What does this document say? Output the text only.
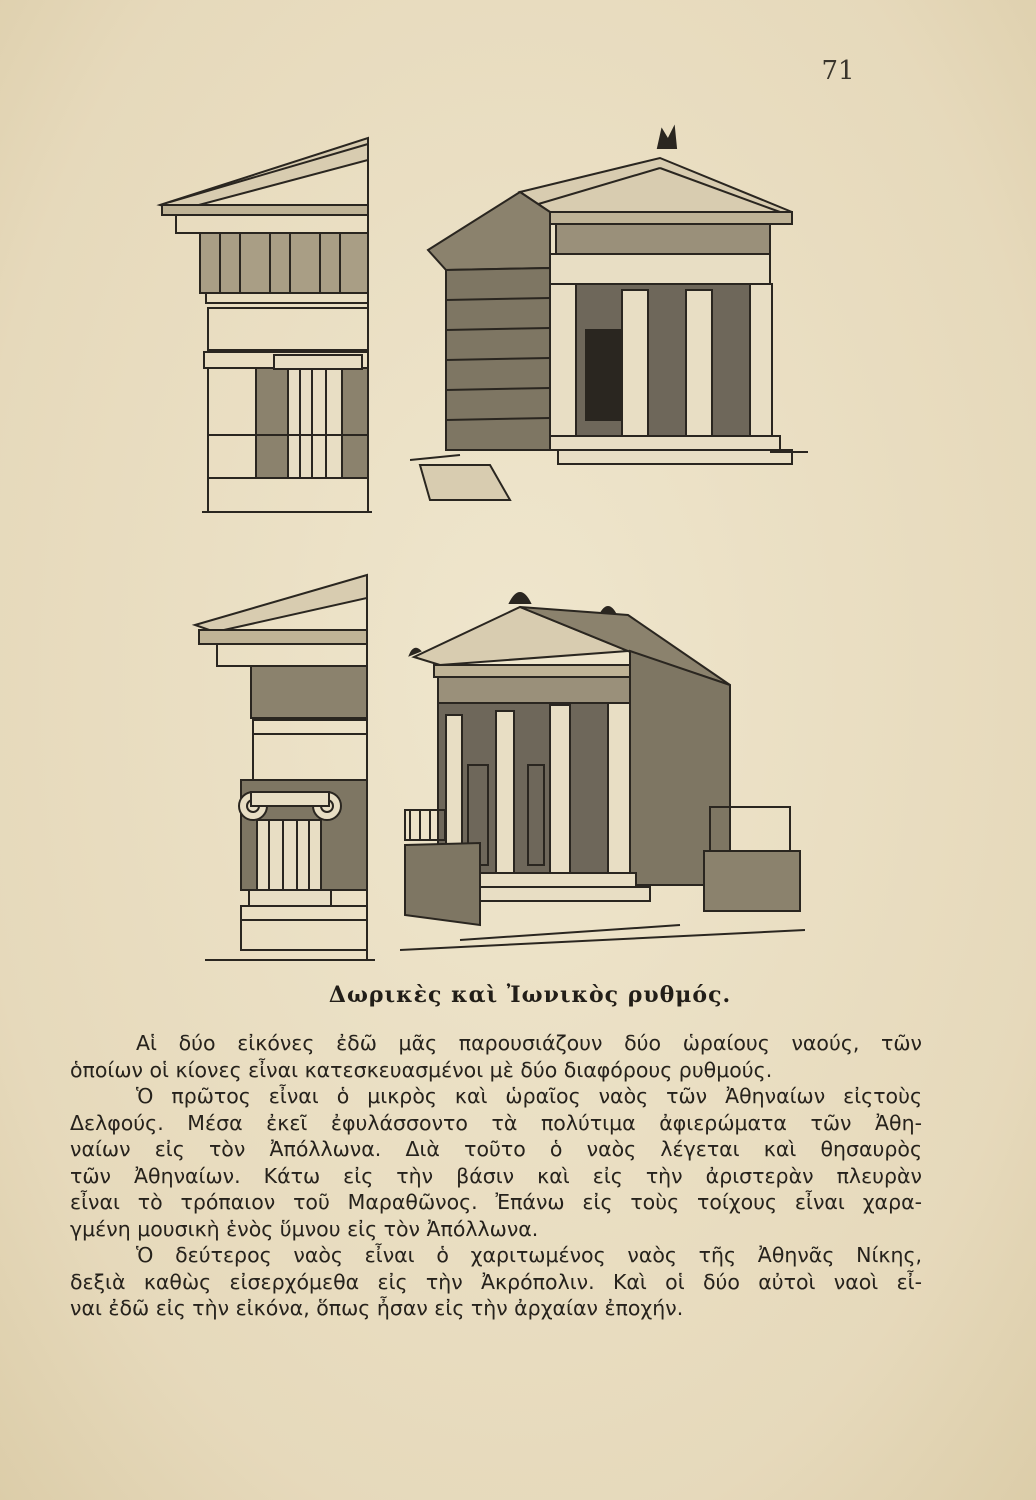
71
Δωρικὲς καὶ Ἰωνικὸς ρυθμός.
Αἱ δύο εἰκόνες ἐδῶ μᾶς παρουσιάζουν δύο ὡραίους ναούς, τῶν
ὁποίων οἱ κίονες εἶναι κατεσκευασμένοι μὲ δύο διαφόρους ρυθμούς.
Ὁ πρῶτος εἶναι ὁ μικρὸς καὶ ὡραῖος ναὸς τῶν Ἀθηναίων εἰςτοὺς
Δελφούς. Μέσα ἐκεῖ ἐφυλάσσοντο τὰ πολύτιμα ἀφιερώματα τῶν Ἀθη-
ναίων εἰς τὸν Ἀπόλλωνα. Διὰ τοῦτο ὁ ναὸς λέγεται καὶ θησαυρὸς
τῶν Ἀθηναίων. Κάτω εἰς τὴν βάσιν καὶ εἰς τὴν ἀριστερὰν πλευρὰν
εἶναι τὸ τρόπαιον τοῦ Μαραθῶνος. Ἐπάνω εἰς τοὺς τοίχους εἶναι χαρα-
γμένη μουσικὴ ἑνὸς ὕμνου εἰς τὸν Ἀπόλλωνα.
Ὁ δεύτερος ναὸς εἶναι ὁ χαριτωμένος ναὸς τῆς Ἀθηνᾶς Νίκης,
δεξιὰ καθὼς εἰσερχόμεθα εἰς τὴν Ἀκρόπολιν. Καὶ οἱ δύο αὐτοὶ ναοὶ εἶ-
ναι ἐδῶ εἰς τὴν εἰκόνα, ὅπως ἦσαν εἰς τὴν ἀρχαίαν ἐποχήν.
